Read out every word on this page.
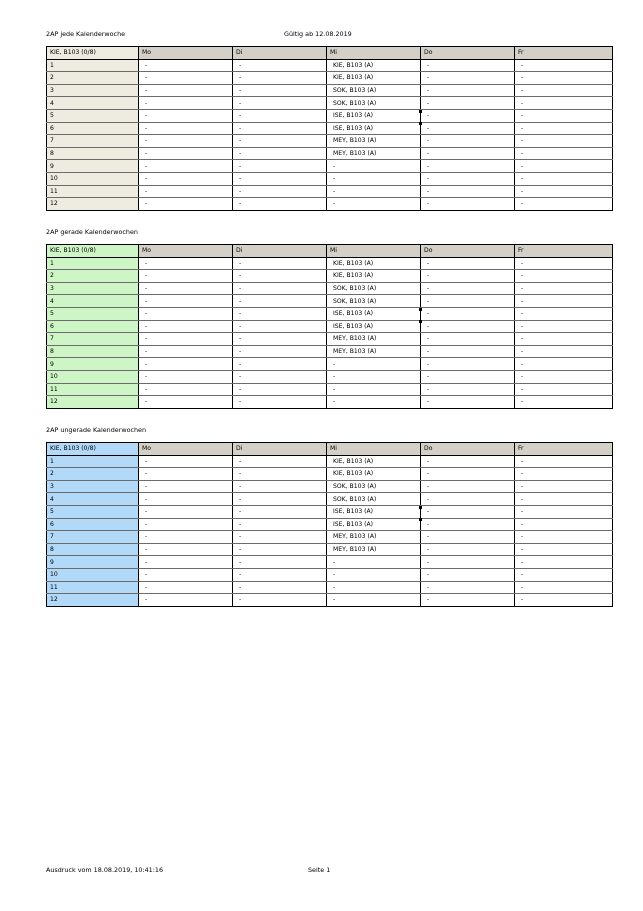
Gültig ab 12.08.2019
2AP jede Kalenderwoche
KIE, B103 (0/8)	Mo	Di	Mi	Do	Fr
1	-	-	KIE, B103 (A)	-	-
2	-	-	KIE, B103 (A)	-	-
3	-	-	SOK, B103 (A)	-	-
4	-	-	SOK, B103 (A)	-	-
5	-	-	ISE, B103 (A)	-	-
6	-	-	ISE, B103 (A)	-	-
7	-	-	MEY, B103 (A)	-	-
8	-	-	MEY, B103 (A)	-	-
9	-	-	-	-	-
10	-	-	-	-	-
11	-	-	-	-	-
12	-	-	-	-	-
2AP gerade Kalenderwochen
KIE, B103 (0/8)	Mo	Di	Mi	Do	Fr
1	-	-	KIE, B103 (A)	-	-
2	-	-	KIE, B103 (A)	-	-
3	-	-	SOK, B103 (A)	-	-
4	-	-	SOK, B103 (A)	-	-
5	-	-	ISE, B103 (A)	-	-
6	-	-	ISE, B103 (A)	-	-
7	-	-	MEY, B103 (A)	-	-
8	-	-	MEY, B103 (A)	-	-
9	-	-	-	-	-
10	-	-	-	-	-
11	-	-	-	-	-
12	-	-	-	-	-
2AP ungerade Kalenderwochen
KIE, B103 (0/8)	Mo	Di	Mi	Do	Fr
1	-	-	KIE, B103 (A)	-	-
2	-	-	KIE, B103 (A)	-	-
3	-	-	SOK, B103 (A)	-	-
4	-	-	SOK, B103 (A)	-	-
5	-	-	ISE, B103 (A)	-	-
6	-	-	ISE, B103 (A)	-	-
7	-	-	MEY, B103 (A)	-	-
8	-	-	MEY, B103 (A)	-	-
9	-	-	-	-	-
10	-	-	-	-	-
11	-	-	-	-	-
12	-	-	-	-	-
Ausdruck vom 18.08.2019, 10:41:16	Seite 1
